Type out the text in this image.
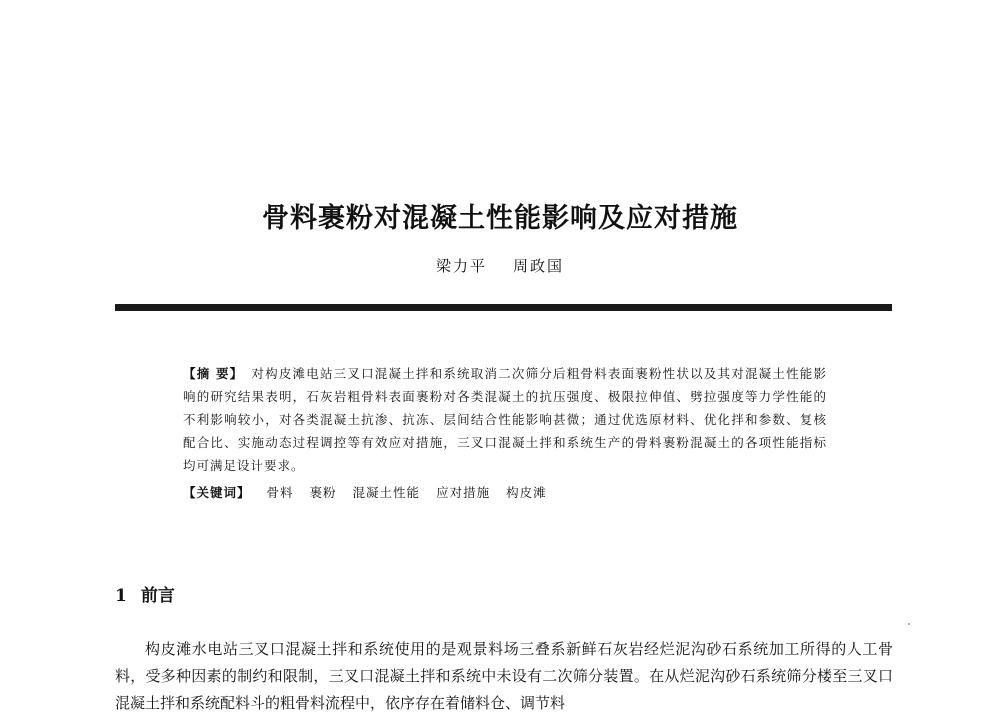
骨料裹粉对混凝土性能影响及应对措施
梁力平 周政国
【摘 要】 对构皮滩电站三叉口混凝土拌和系统取消二次筛分后粗骨料表面裹粉性状以及其对混凝土性能影响的研究结果表明，石灰岩粗骨料表面裹粉对各类混凝土的抗压强度、极限拉伸值、劈拉强度等力学性能的不利影响较小，对各类混凝土抗渗、抗冻、层间结合性能影响甚微；通过优选原材料、优化拌和参数、复核配合比、实施动态过程调控等有效应对措施，三叉口混凝土拌和系统生产的骨料裹粉混凝土的各项性能指标均可满足设计要求。
【关键词】 骨料 裹粉 混凝土性能 应对措施 构皮滩
1 前言
构皮滩水电站三叉口混凝土拌和系统使用的是观景料场三叠系新鲜石灰岩经烂泥沟砂石系统加工所得的人工骨料，受多种因素的制约和限制，三叉口混凝土拌和系统中未设有二次筛分装置。在从烂泥沟砂石系统筛分楼至三叉口混凝土拌和系统配料斗的粗骨料流程中，依序存在着储料仓、调节料
